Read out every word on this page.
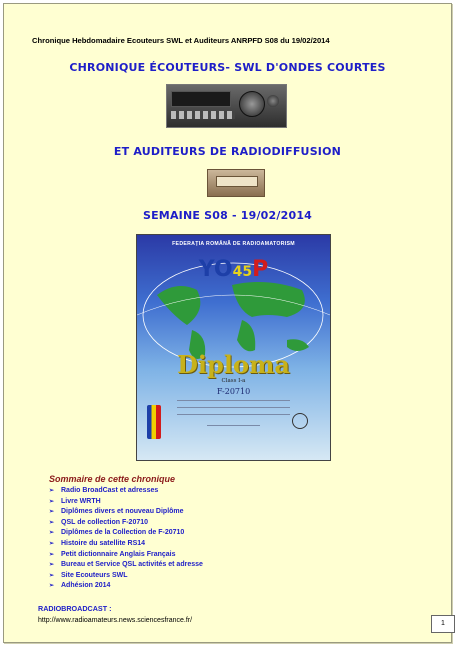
Chronique Hebdomadaire Ecouteurs SWL et Auditeurs ANRPFD S08 du 19/02/2014
CHRONIQUE ÉCOUTEURS- SWL D'ONDES COURTES
ET AUDITEURS DE RADIODIFFUSION
SEMAINE S08 - 19/02/2014
FEDERAȚIA ROMÂNĂ DE RADIOAMATORISM
YO45P
Diploma
Class I-a
F-20710
Sommaire de cette chronique
➢ Radio BroadCast et adresses
➢ Livre WRTH
➢ Diplômes divers et nouveau Diplôme
➢ QSL de collection F-20710
➢ Diplômes de la Collection de F-20710
➢ Histoire du satellite RS14
➢ Petit dictionnaire Anglais Français
➢ Bureau et Service QSL activités et adresse
➢ Site Ecouteurs SWL
➢ Adhésion 2014
RADIOBROADCAST :
http://www.radioamateurs.news.sciencesfrance.fr/	1
